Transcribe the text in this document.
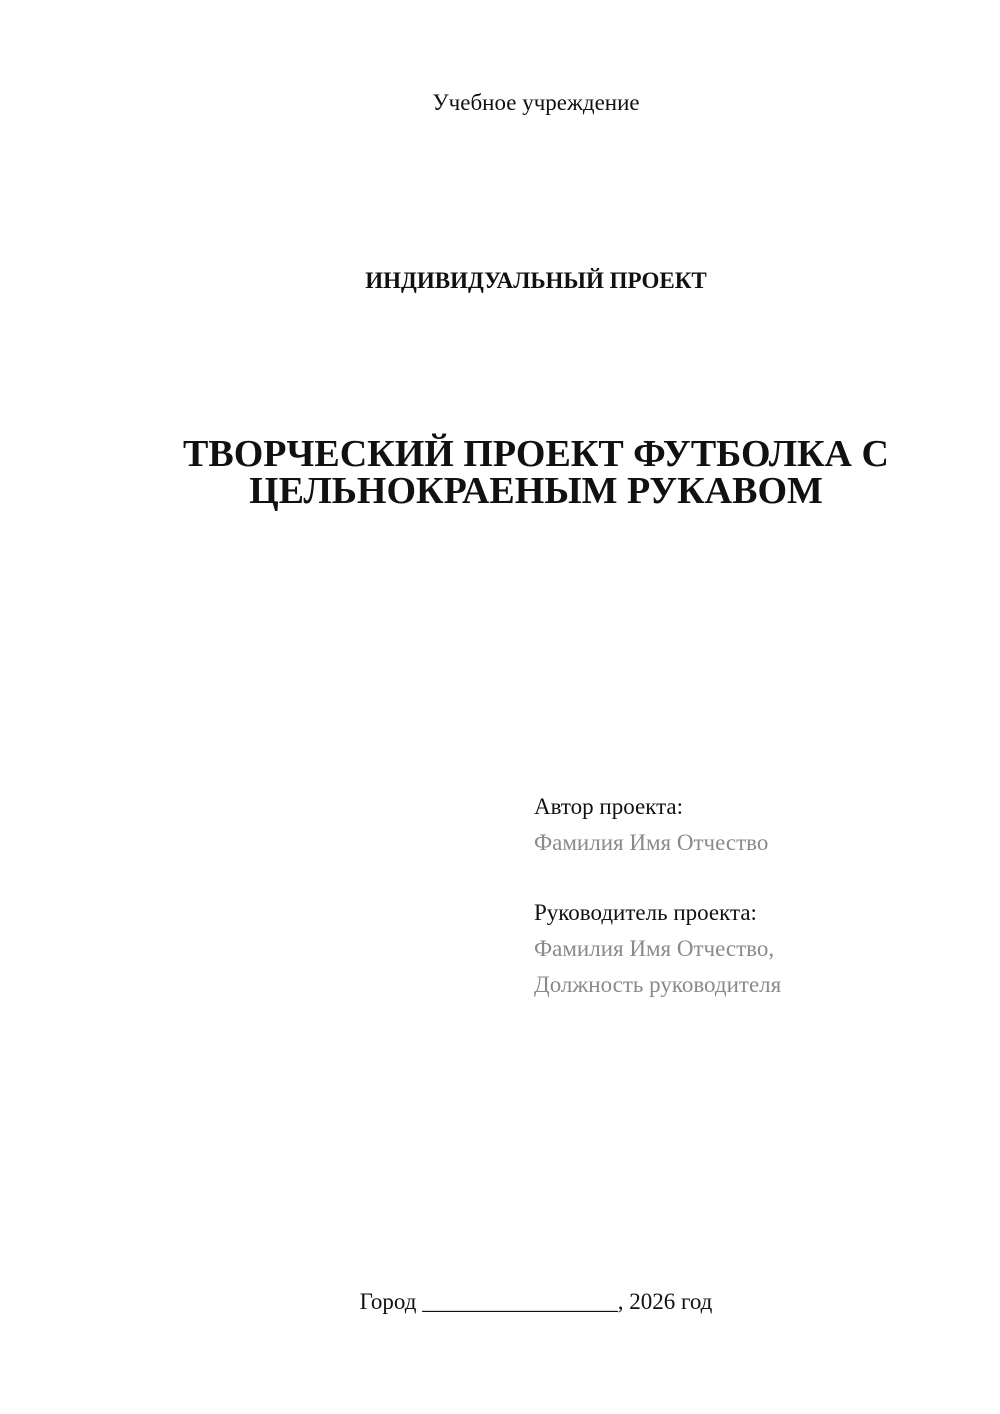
Учебное учреждение
ИНДИВИДУАЛЬНЫЙ ПРОЕКТ
ТВОРЧЕСКИЙ ПРОЕКТ ФУТБОЛКА С
ЦЕЛЬНОКРАЕНЫМ РУКАВОМ
Автор проекта:
Фамилия Имя Отчество
Руководитель проекта:
Фамилия Имя Отчество,
Должность руководителя
Город _________________, 2026 год
